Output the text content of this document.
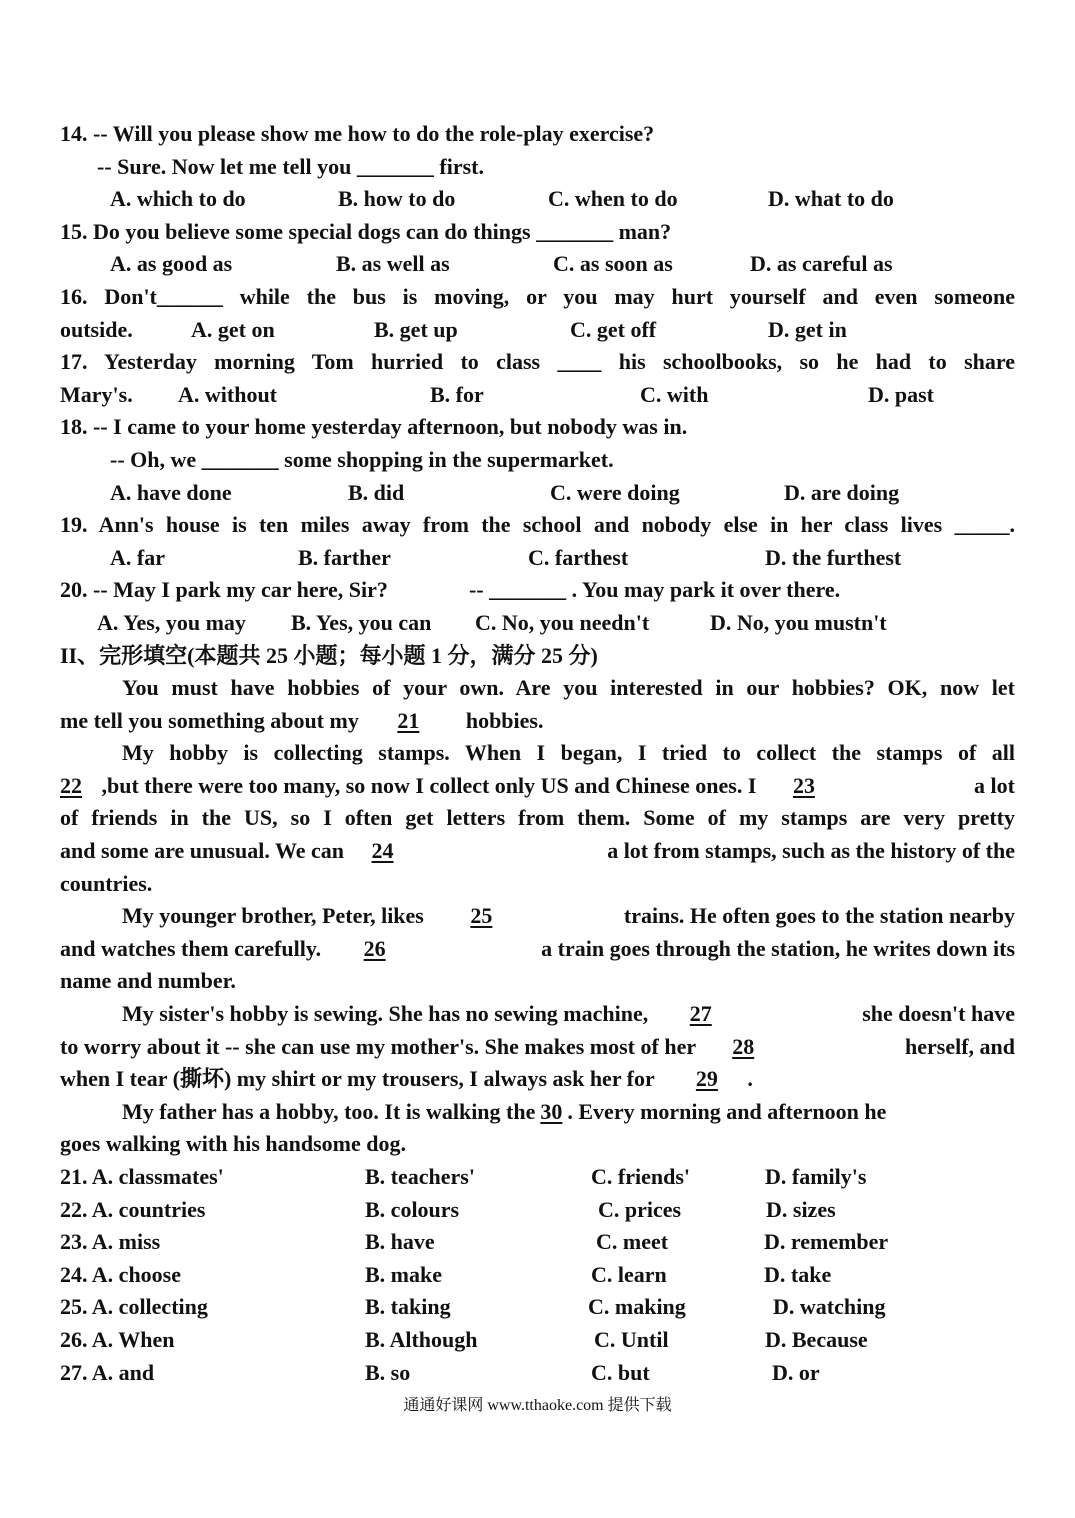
14. -- Will you please show me how to do the role-play exercise?
-- Sure. Now let me tell you _______ first.
A. which to do	B. how to do	C. when to do	D. what to do
15. Do you believe some special dogs can do things _______ man?
A. as good as	B. as well as	C. as soon as	D. as careful as
16. Don't______ while the bus is moving, or you may hurt yourself and even someone
outside.	A. get on	B. get up	C. get off	D. get in
17. Yesterday morning Tom hurried to class ____ his schoolbooks, so he had to share
Mary's. A. without	B. for	C. with	D. past
18. -- I came to your home yesterday afternoon, but nobody was in.
-- Oh, we _______ some shopping in the supermarket.
A. have done	B. did	C. were doing	D. are doing
19. Ann's house is ten miles away from the school and nobody else in her class lives _____.
A. far	B. farther	C. farthest	D. the furthest
20. -- May I park my car here, Sir?	-- _______ . You may park it over there.
A. Yes, you may B. Yes, you can C. No, you needn't	D. No, you mustn't
II、完形填空(本题共 25 小题；每小题 1 分，满分 25 分)
You must have hobbies of your own. Are you interested in our hobbies? OK, now let
me tell you something about my 21 hobbies.
My hobby is collecting stamps. When I began, I tried to collect the stamps of all
22 ,but there were too many, so now I collect only US and Chinese ones. I 23	a lot
of friends in the US, so I often get letters from them. Some of my stamps are very pretty
and some are unusual. We can 24	a lot from stamps, such as the history of the
countries.
My younger brother, Peter, likes 25	trains. He often goes to the station nearby
and watches them carefully. 26	a train goes through the station, he writes down its
name and number.
My sister's hobby is sewing. She has no sewing machine, 27	she doesn't have
to worry about it -- she can use my mother's. She makes most of her 28	herself, and
when I tear (撕坏) my shirt or my trousers, I always ask her for 29 .
My father has a hobby, too. It is walking the 30 . Every morning and afternoon he
goes walking with his handsome dog.
21. A. classmates'	B. teachers'	C. friends'	D. family's
22. A. countries	B. colours	C. prices	D. sizes
23. A. miss	B. have	C. meet	D. remember
24. A. choose	B. make	C. learn	D. take
25. A. collecting	B. taking	C. making	D. watching
26. A. When	B. Although	C. Until	D. Because
27. A. and	B. so	C. but	D. or
通通好课网 www.tthaoke.com 提供下载
